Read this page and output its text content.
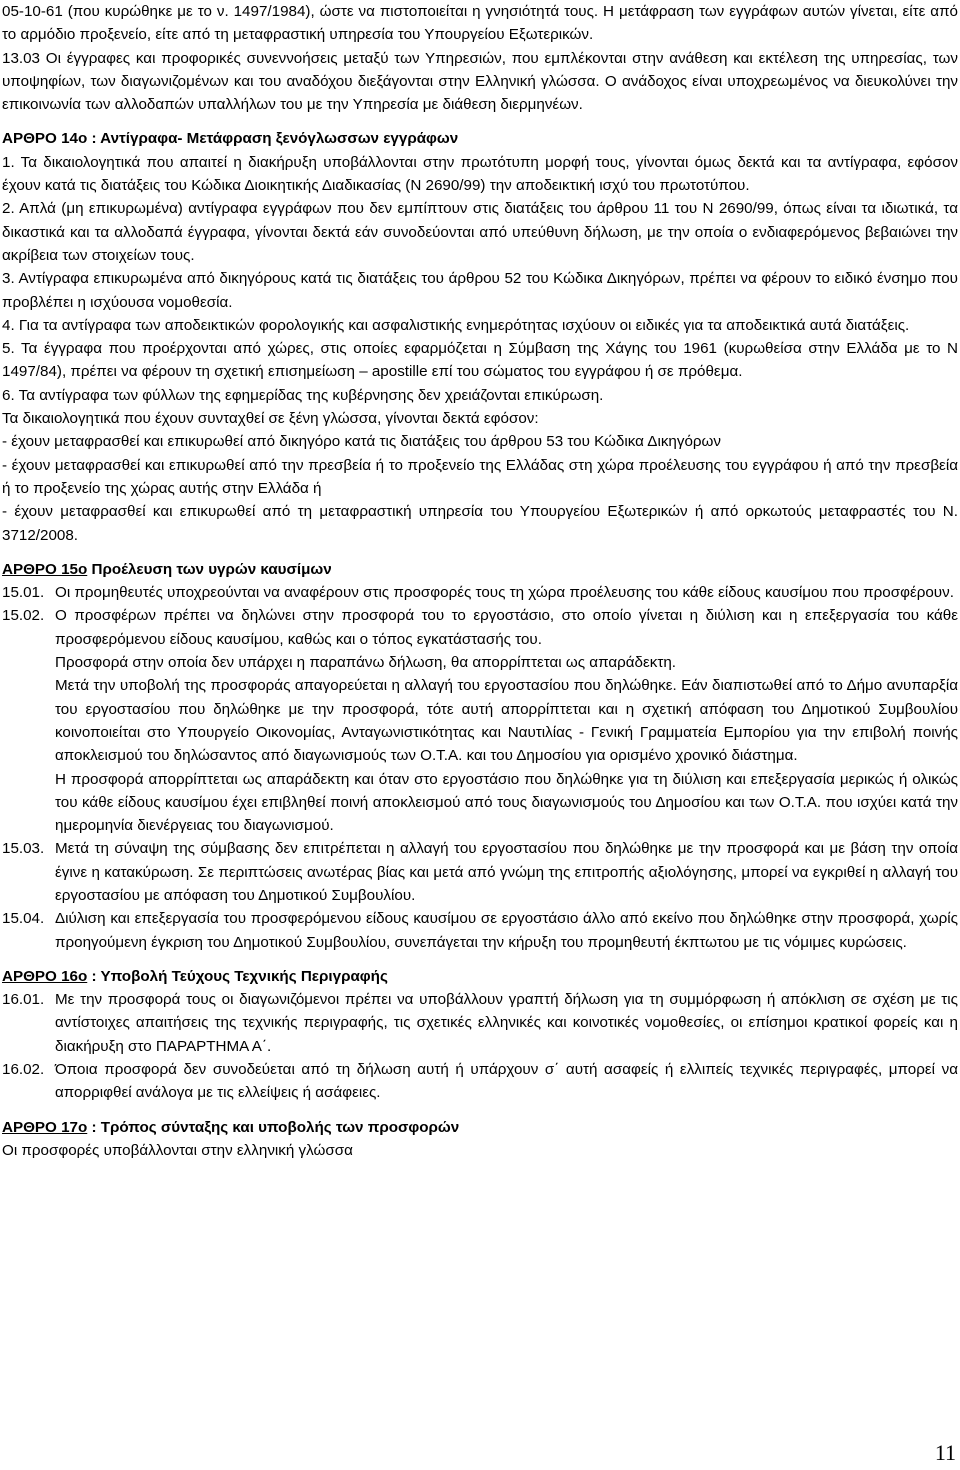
05-10-61 (που κυρώθηκε με το ν. 1497/1984), ώστε να πιστοποιείται η γνησιότητά τους. Η μετάφραση των εγγράφων αυτών γίνεται, είτε από το αρμόδιο προξενείο, είτε από τη μεταφραστική υπηρεσία του Υπουργείου Εξωτερικών.

13.03 Οι έγγραφες και προφορικές συνεννοήσεις μεταξύ των Υπηρεσιών, που εμπλέκονται στην ανάθεση και εκτέλεση της υπηρεσίας, των υποψηφίων, των διαγωνιζομένων και του αναδόχου διεξάγονται στην Ελληνική γλώσσα. Ο ανάδοχος είναι υποχρεωμένος να διευκολύνει την επικοινωνία των αλλοδαπών υπαλλήλων του με την Υπηρεσία με διάθεση διερμηνέων.

ΑΡΘΡΟ 14ο : Αντίγραφα- Μετάφραση ξενόγλωσσων εγγράφων

1. Τα δικαιολογητικά που απαιτεί η διακήρυξη υποβάλλονται στην πρωτότυπη μορφή τους, γίνονται όμως δεκτά και τα αντίγραφα, εφόσον έχουν κατά τις διατάξεις του Κώδικα Διοικητικής Διαδικασίας (Ν 2690/99) την αποδεικτική ισχύ του πρωτοτύπου.

2. Απλά (μη επικυρωμένα) αντίγραφα εγγράφων που δεν εμπίπτουν στις διατάξεις του άρθρου 11 του Ν 2690/99, όπως είναι τα ιδιωτικά, τα δικαστικά και τα αλλοδαπά έγγραφα, γίνονται δεκτά εάν συνοδεύονται από υπεύθυνη δήλωση, με την οποία ο ενδιαφερόμενος βεβαιώνει την ακρίβεια των στοιχείων τους.

3. Αντίγραφα επικυρωμένα από δικηγόρους κατά τις διατάξεις του άρθρου 52 του Κώδικα Δικηγόρων, πρέπει να φέρουν το ειδικό ένσημο που προβλέπει η ισχύουσα νομοθεσία.

4. Για τα αντίγραφα των αποδεικτικών φορολογικής και ασφαλιστικής ενημερότητας ισχύουν οι ειδικές για τα αποδεικτικά αυτά διατάξεις.

5. Τα έγγραφα που προέρχονται από χώρες, στις οποίες εφαρμόζεται η Σύμβαση της Χάγης του 1961 (κυρωθείσα στην Ελλάδα με το Ν 1497/84), πρέπει να φέρουν τη σχετική επισημείωση – apostille επί του σώματος του εγγράφου ή σε πρόθεμα.

6. Τα αντίγραφα των φύλλων της εφημερίδας της κυβέρνησης δεν χρειάζονται επικύρωση.

Τα δικαιολογητικά που έχουν συνταχθεί σε ξένη γλώσσα, γίνονται δεκτά εφόσον:

- έχουν μεταφρασθεί και επικυρωθεί από δικηγόρο κατά τις διατάξεις του άρθρου 53 του Κώδικα Δικηγόρων

- έχουν μεταφρασθεί και επικυρωθεί από την πρεσβεία ή το προξενείο της Ελλάδας στη χώρα προέλευσης του εγγράφου ή από την πρεσβεία ή το προξενείο της χώρας αυτής στην Ελλάδα ή

- έχουν μεταφρασθεί και επικυρωθεί από τη μεταφραστική υπηρεσία του Υπουργείου Εξωτερικών ή από ορκωτούς μεταφραστές του Ν. 3712/2008.

ΑΡΘΡΟ 15ο Προέλευση των υγρών καυσίμων

15.01. Οι προμηθευτές υποχρεούνται να αναφέρουν στις προσφορές τους τη χώρα προέλευσης του κάθε είδους καυσίμου που προσφέρουν.

15.02. Ο προσφέρων πρέπει να δηλώνει στην προσφορά του το εργοστάσιο, στο οποίο γίνεται η διύλιση και η επεξεργασία του κάθε προσφερόμενου είδους καυσίμου, καθώς και ο τόπος εγκατάστασής του.

Προσφορά στην οποία δεν υπάρχει η παραπάνω δήλωση, θα απορρίπτεται ως απαράδεκτη.

Μετά την υποβολή της προσφοράς απαγορεύεται η αλλαγή του εργοστασίου που δηλώθηκε. Εάν διαπιστωθεί από το Δήμο ανυπαρξία του εργοστασίου που δηλώθηκε με την προσφορά, τότε αυτή απορρίπτεται και η σχετική απόφαση του Δημοτικού Συμβουλίου κοινοποιείται στο Υπουργείο Οικονομίας, Ανταγωνιστικότητας και Ναυτιλίας - Γενική Γραμματεία Εμπορίου για την επιβολή ποινής αποκλεισμού του δηλώσαντος από διαγωνισμούς των Ο.Τ.Α. και του Δημοσίου για ορισμένο χρονικό διάστημα.

Η προσφορά απορρίπτεται ως απαράδεκτη και όταν στο εργοστάσιο που δηλώθηκε για τη διύλιση και επεξεργασία μερικώς ή ολικώς του κάθε είδους καυσίμου έχει επιβληθεί ποινή αποκλεισμού από τους διαγωνισμούς του Δημοσίου και των Ο.Τ.Α. που ισχύει κατά την ημερομηνία διενέργειας του διαγωνισμού.

15.03. Μετά τη σύναψη της σύμβασης δεν επιτρέπεται η αλλαγή του εργοστασίου που δηλώθηκε με την προσφορά και με βάση την οποία έγινε η κατακύρωση. Σε περιπτώσεις ανωτέρας βίας και μετά από γνώμη της επιτροπής αξιολόγησης, μπορεί να εγκριθεί η αλλαγή του εργοστασίου με απόφαση του Δημοτικού Συμβουλίου.

15.04. Διύλιση και επεξεργασία του προσφερόμενου είδους καυσίμου σε εργοστάσιο άλλο από εκείνο που δηλώθηκε στην προσφορά, χωρίς προηγούμενη έγκριση του Δημοτικού Συμβουλίου, συνεπάγεται την κήρυξη του προμηθευτή έκπτωτου με τις νόμιμες κυρώσεις.

ΑΡΘΡΟ 16ο : Υποβολή Τεύχους Τεχνικής Περιγραφής

16.01. Με την προσφορά τους οι διαγωνιζόμενοι πρέπει να υποβάλλουν γραπτή δήλωση για τη συμμόρφωση ή απόκλιση σε σχέση με τις αντίστοιχες απαιτήσεις της τεχνικής περιγραφής, τις σχετικές ελληνικές και κοινοτικές νομοθεσίες, οι επίσημοι κρατικοί φορείς και η διακήρυξη στο ΠΑΡΑΡΤΗΜΑ Α΄.

16.02. Όποια προσφορά δεν συνοδεύεται από τη δήλωση αυτή ή υπάρχουν σ΄ αυτή ασαφείς ή ελλιπείς τεχνικές περιγραφές, μπορεί να απορριφθεί ανάλογα με τις ελλείψεις ή ασάφειες.

ΑΡΘΡΟ 17ο : Τρόπος σύνταξης και υποβολής των προσφορών

Οι προσφορές υποβάλλονται στην ελληνική γλώσσα

11
